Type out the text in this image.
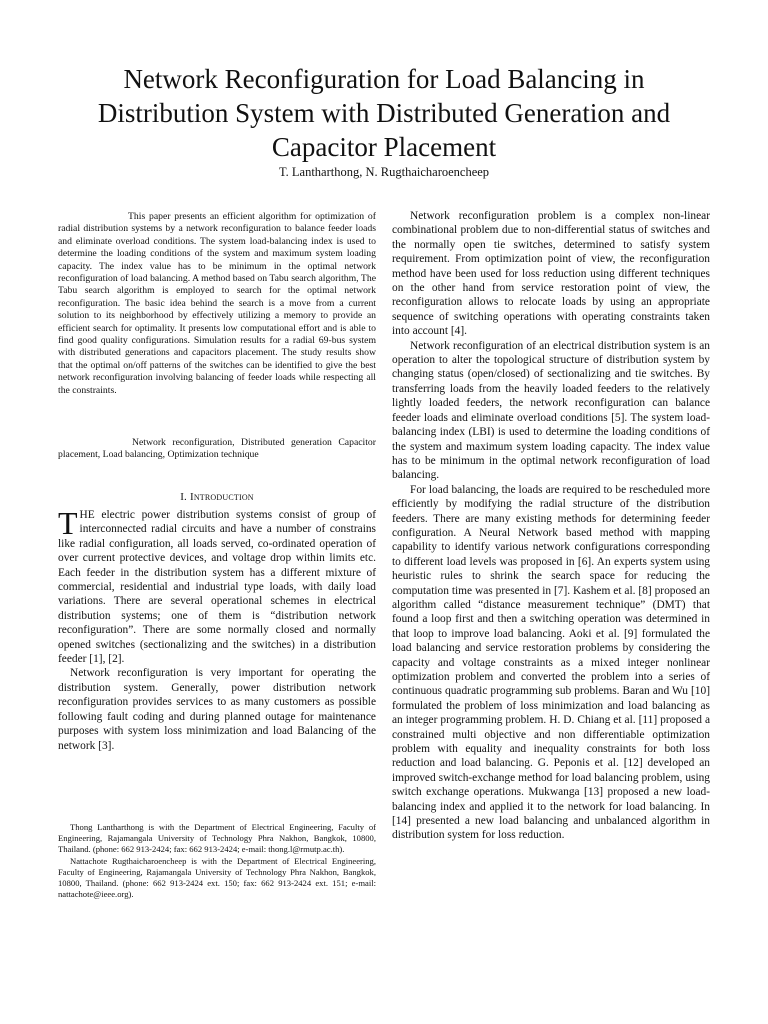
Network Reconfiguration for Load Balancing in Distribution System with Distributed Generation and Capacitor Placement
T. Lantharthong, N. Rugthaicharoencheep

This paper presents an efficient algorithm for optimization of radial distribution systems by a network reconfiguration to balance feeder loads and eliminate overload conditions. The system load-balancing index is used to determine the loading conditions of the system and maximum system loading capacity. The index value has to be minimum in the optimal network reconfiguration of load balancing. A method based on Tabu search algorithm, The Tabu search algorithm is employed to search for the optimal network reconfiguration. The basic idea behind the search is a move from a current solution to its neighborhood by effectively utilizing a memory to provide an efficient search for optimality. It presents low computational effort and is able to find good quality configurations. Simulation results for a radial 69-bus system with distributed generations and capacitors placement. The study results show that the optimal on/off patterns of the switches can be identified to give the best network reconfiguration involving balancing of feeder loads while respecting all the constraints.

Network reconfiguration, Distributed generation Capacitor placement, Load balancing, Optimization technique

I. Introduction

THE electric power distribution systems consist of group of interconnected radial circuits and have a number of constrains like radial configuration, all loads served, co-ordinated operation of over current protective devices, and voltage drop within limits etc. Each feeder in the distribution system has a different mixture of commercial, residential and industrial type loads, with daily load variations. There are several operational schemes in electrical distribution systems; one of them is “distribution network reconfiguration”. There are some normally closed and normally opened switches (sectionalizing and the switches) in a distribution feeder [1], [2].

Network reconfiguration is very important for operating the distribution system. Generally, power distribution network reconfiguration provides services to as many customers as possible following fault coding and during planned outage for maintenance purposes with system loss minimization and load Balancing of the network [3].

Thong Lantharthong is with the Department of Electrical Engineering, Faculty of Engineering, Rajamangala University of Technology Phra Nakhon, Bangkok, 10800, Thailand. (phone: 662 913-2424; fax: 662 913-2424; e-mail: thong.l@rmutp.ac.th).

Nattachote Rugthaicharoencheep is with the Department of Electrical Engineering, Faculty of Engineering, Rajamangala University of Technology Phra Nakhon, Bangkok, 10800, Thailand. (phone: 662 913-2424 ext. 150; fax: 662 913-2424 ext. 151; e-mail: nattachote@ieee.org).

Network reconfiguration problem is a complex non-linear combinational problem due to non-differential status of switches and the normally open tie switches, determined to satisfy system requirement. From optimization point of view, the reconfiguration method have been used for loss reduction using different techniques on the other hand from service restoration point of view, the reconfiguration allows to relocate loads by using an appropriate sequence of switching operations with operating constraints taken into account [4].

Network reconfiguration of an electrical distribution system is an operation to alter the topological structure of distribution system by changing status (open/closed) of sectionalizing and tie switches. By transferring loads from the heavily loaded feeders to the relatively lightly loaded feeders, the network reconfiguration can balance feeder loads and eliminate overload conditions [5]. The system load-balancing index (LBI) is used to determine the loading conditions of the system and maximum system loading capacity. The index value has to be minimum in the optimal network reconfiguration of load balancing.

For load balancing, the loads are required to be rescheduled more efficiently by modifying the radial structure of the distribution feeders. There are many existing methods for determining feeder configuration. A Neural Network based method with mapping capability to identify various network configurations corresponding to different load levels was proposed in [6]. An experts system using heuristic rules to shrink the search space for reducing the computation time was presented in [7]. Kashem et al. [8] proposed an algorithm called “distance measurement technique” (DMT) that found a loop first and then a switching operation was determined in that loop to improve load balancing. Aoki et al. [9] formulated the load balancing and service restoration problems by considering the capacity and voltage constraints as a mixed integer nonlinear optimization problem and converted the problem into a series of continuous quadratic programming sub problems. Baran and Wu [10] formulated the problem of loss minimization and load balancing as an integer programming problem. H. D. Chiang et al. [11] proposed a constrained multi objective and non differentiable optimization problem with equality and inequality constraints for both loss reduction and load balancing. G. Peponis et al. [12] developed an improved switch-exchange method for load balancing problem, using switch exchange operations. Mukwanga [13] proposed a new load-balancing index and applied it to the network for load balancing. In [14] presented a new load balancing and unbalanced algorithm in distribution system for loss reduction.
